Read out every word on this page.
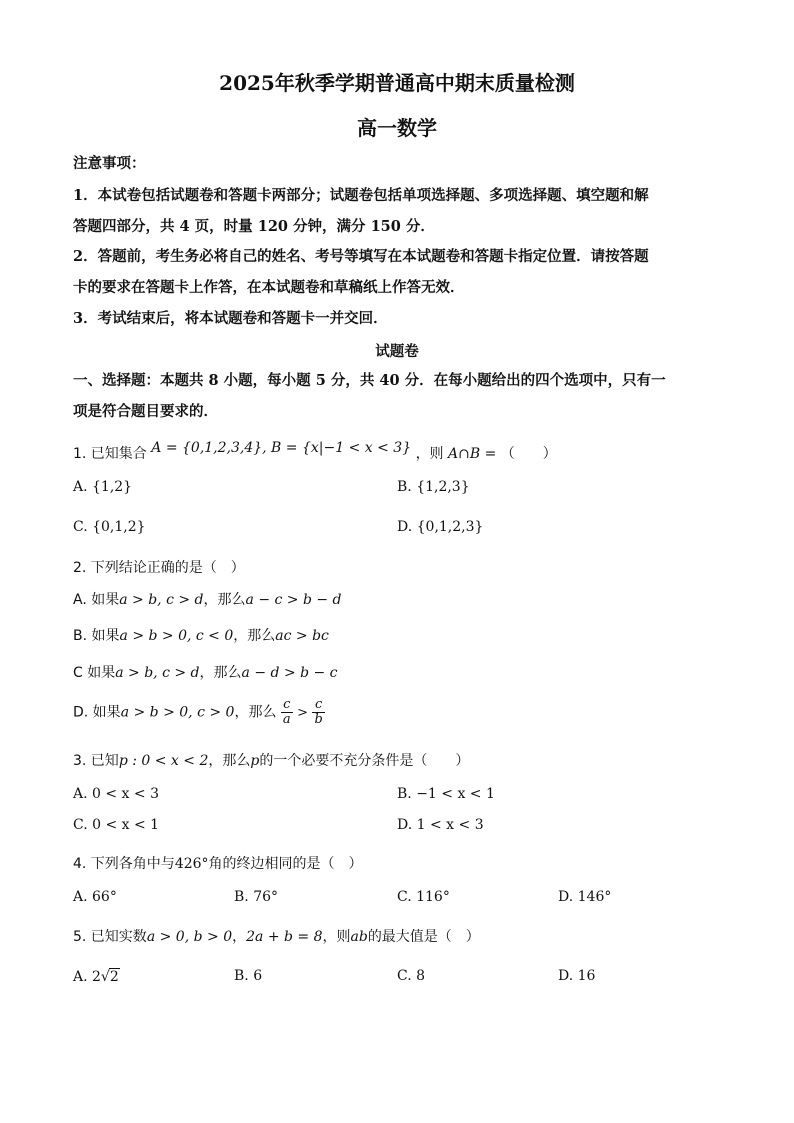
2025年秋季学期普通高中期末质量检测
高一数学
注意事项：
1．本试卷包括试题卷和答题卡两部分；试题卷包括单项选择题、多项选择题、填空题和解
答题四部分，共 4 页，时量 120 分钟，满分 150 分．
2．答题前，考生务必将自己的姓名、考号等填写在本试题卷和答题卡指定位置．请按答题
卡的要求在答题卡上作答，在本试题卷和草稿纸上作答无效．
3．考试结束后，将本试题卷和答题卡一并交回．
试题卷
一、选择题：本题共 8 小题，每小题 5 分，共 40 分．在每小题给出的四个选项中，只有一
项是符合题目要求的．
1. 已知集合 A = {0,1,2,3,4}, B = {x|−1 < x < 3} ，则 A∩B = （　　）
A. {1,2}	B. {1,2,3}
C. {0,1,2}	D. {0,1,2,3}
2. 下列结论正确的是（　）
A. 如果a > b, c > d，那么a − c > b − d
B. 如果a > b > 0, c < 0，那么ac > bc
C 如果a > b, c > d，那么a − d > b − c
D. 如果a > b > 0, c > 0，那么 $\frac{c}{a} > \frac{c}{b}$
3. 已知p : 0 < x < 2，那么p的一个必要不充分条件是（　　）
A. 0 < x < 3	B. −1 < x < 1
C. 0 < x < 1	D. 1 < x < 3
4. 下列各角中与426°角的终边相同的是（　）
A. 66°	B. 76°	C. 116°	D. 146°
5. 已知实数a > 0, b > 0，2a + b = 8，则ab的最大值是（　）
A. 2√2	B. 6	C. 8	D. 16
